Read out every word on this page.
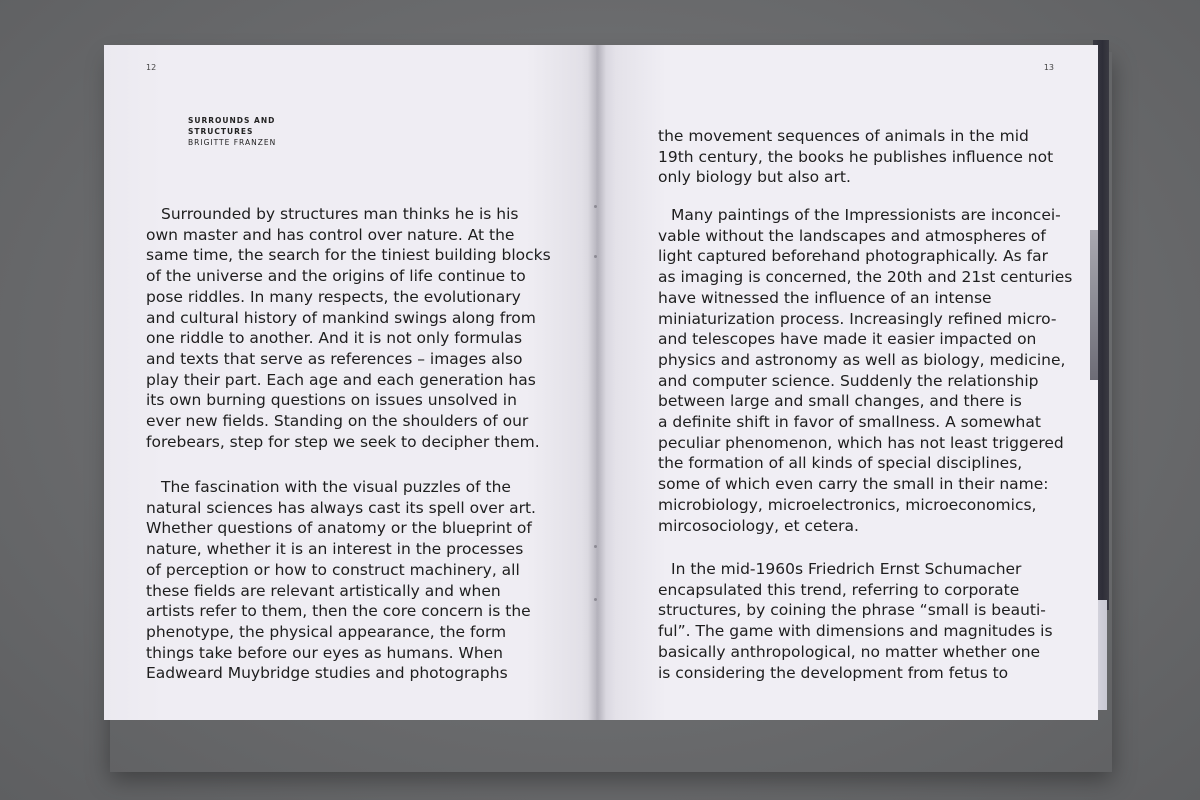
12
SURROUNDS AND
STRUCTURES
BRIGITTE FRANZEN
Surrounded by structures man thinks he is his
own master and has control over nature. At the
same time, the search for the tiniest building blocks
of the universe and the origins of life continue to
pose riddles. In many respects, the evolutionary
and cultural history of mankind swings along from
one riddle to another. And it is not only formulas
and texts that serve as references – images also
play their part. Each age and each generation has
its own burning questions on issues unsolved in
ever new fields. Standing on the shoulders of our
forebears, step for step we seek to decipher them.
The fascination with the visual puzzles of the
natural sciences has always cast its spell over art.
Whether questions of anatomy or the blueprint of
nature, whether it is an interest in the processes
of perception or how to construct machinery, all
these fields are relevant artistically and when
artists refer to them, then the core concern is the
phenotype, the physical appearance, the form
things take before our eyes as humans. When
Eadweard Muybridge studies and photographs
13
the movement sequences of animals in the mid
19th century, the books he publishes influence not
only biology but also art.
Many paintings of the Impressionists are inconcei-
vable without the landscapes and atmospheres of
light captured beforehand photographically. As far
as imaging is concerned, the 20th and 21st centuries
have witnessed the influence of an intense
miniaturization process. Increasingly refined micro-
and telescopes have made it easier impacted on
physics and astronomy as well as biology, medicine,
and computer science. Suddenly the relationship
between large and small changes, and there is
a definite shift in favor of smallness. A somewhat
peculiar phenomenon, which has not least triggered
the formation of all kinds of special disciplines,
some of which even carry the small in their name:
microbiology, microelectronics, microeconomics,
mircosociology, et cetera.
In the mid-1960s Friedrich Ernst Schumacher
encapsulated this trend, referring to corporate
structures, by coining the phrase “small is beauti-
ful”. The game with dimensions and magnitudes is
basically anthropological, no matter whether one
is considering the development from fetus to
